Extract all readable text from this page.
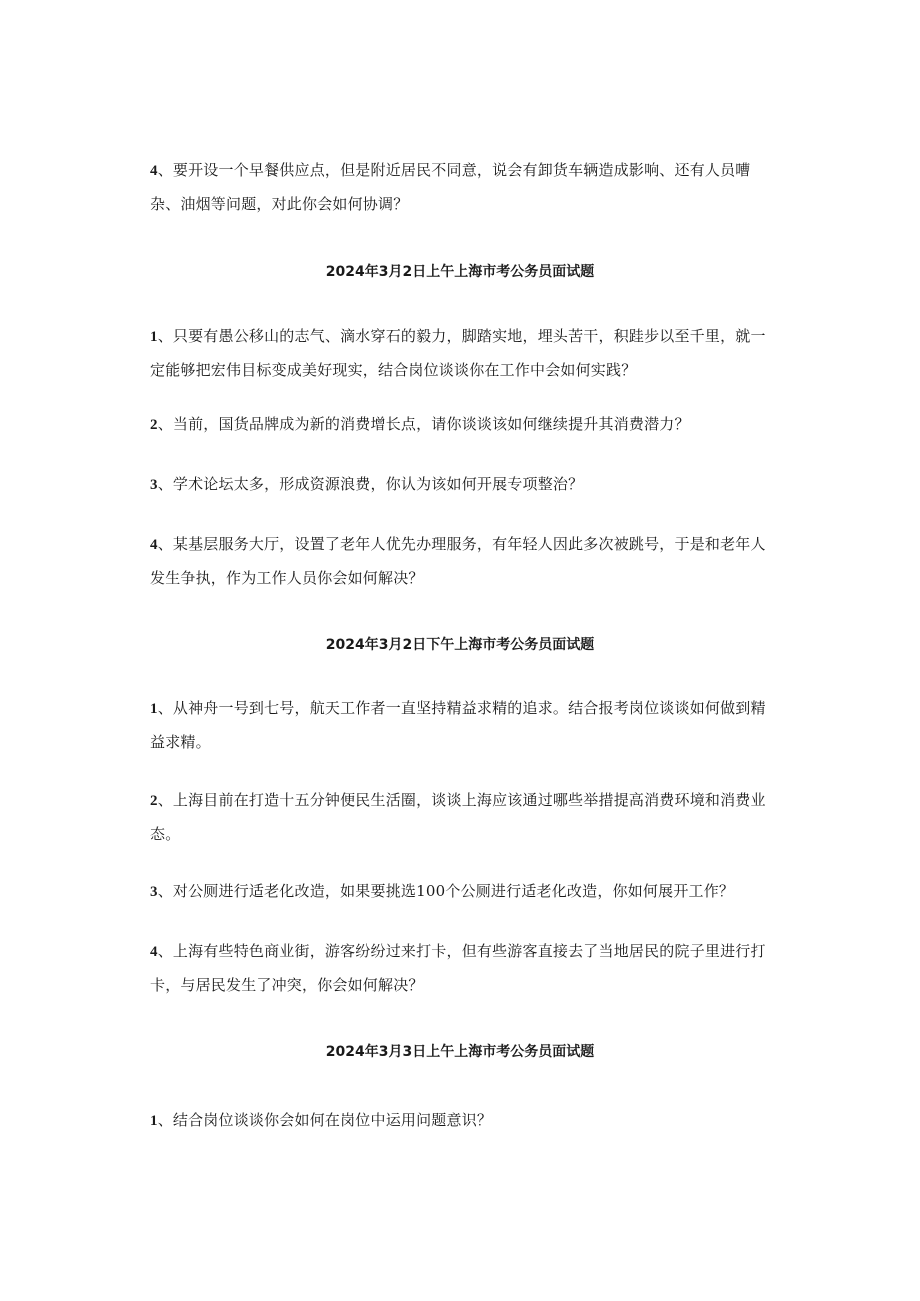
4、要开设一个早餐供应点，但是附近居民不同意，说会有卸货车辆造成影响、还有人员嘈杂、油烟等问题，对此你会如何协调？

2024年3月2日上午上海市考公务员面试题

1、只要有愚公移山的志气、滴水穿石的毅力，脚踏实地，埋头苦干，积跬步以至千里，就一定能够把宏伟目标变成美好现实，结合岗位谈谈你在工作中会如何实践？

2、当前，国货品牌成为新的消费增长点，请你谈谈该如何继续提升其消费潜力？

3、学术论坛太多，形成资源浪费，你认为该如何开展专项整治？

4、某基层服务大厅，设置了老年人优先办理服务，有年轻人因此多次被跳号，于是和老年人发生争执，作为工作人员你会如何解决？

2024年3月2日下午上海市考公务员面试题

1、从神舟一号到七号，航天工作者一直坚持精益求精的追求。结合报考岗位谈谈如何做到精益求精。

2、上海目前在打造十五分钟便民生活圈，谈谈上海应该通过哪些举措提高消费环境和消费业态。

3、对公厕进行适老化改造，如果要挑选100个公厕进行适老化改造，你如何展开工作？

4、上海有些特色商业街，游客纷纷过来打卡，但有些游客直接去了当地居民的院子里进行打卡，与居民发生了冲突，你会如何解决？

2024年3月3日上午上海市考公务员面试题

1、结合岗位谈谈你会如何在岗位中运用问题意识？
